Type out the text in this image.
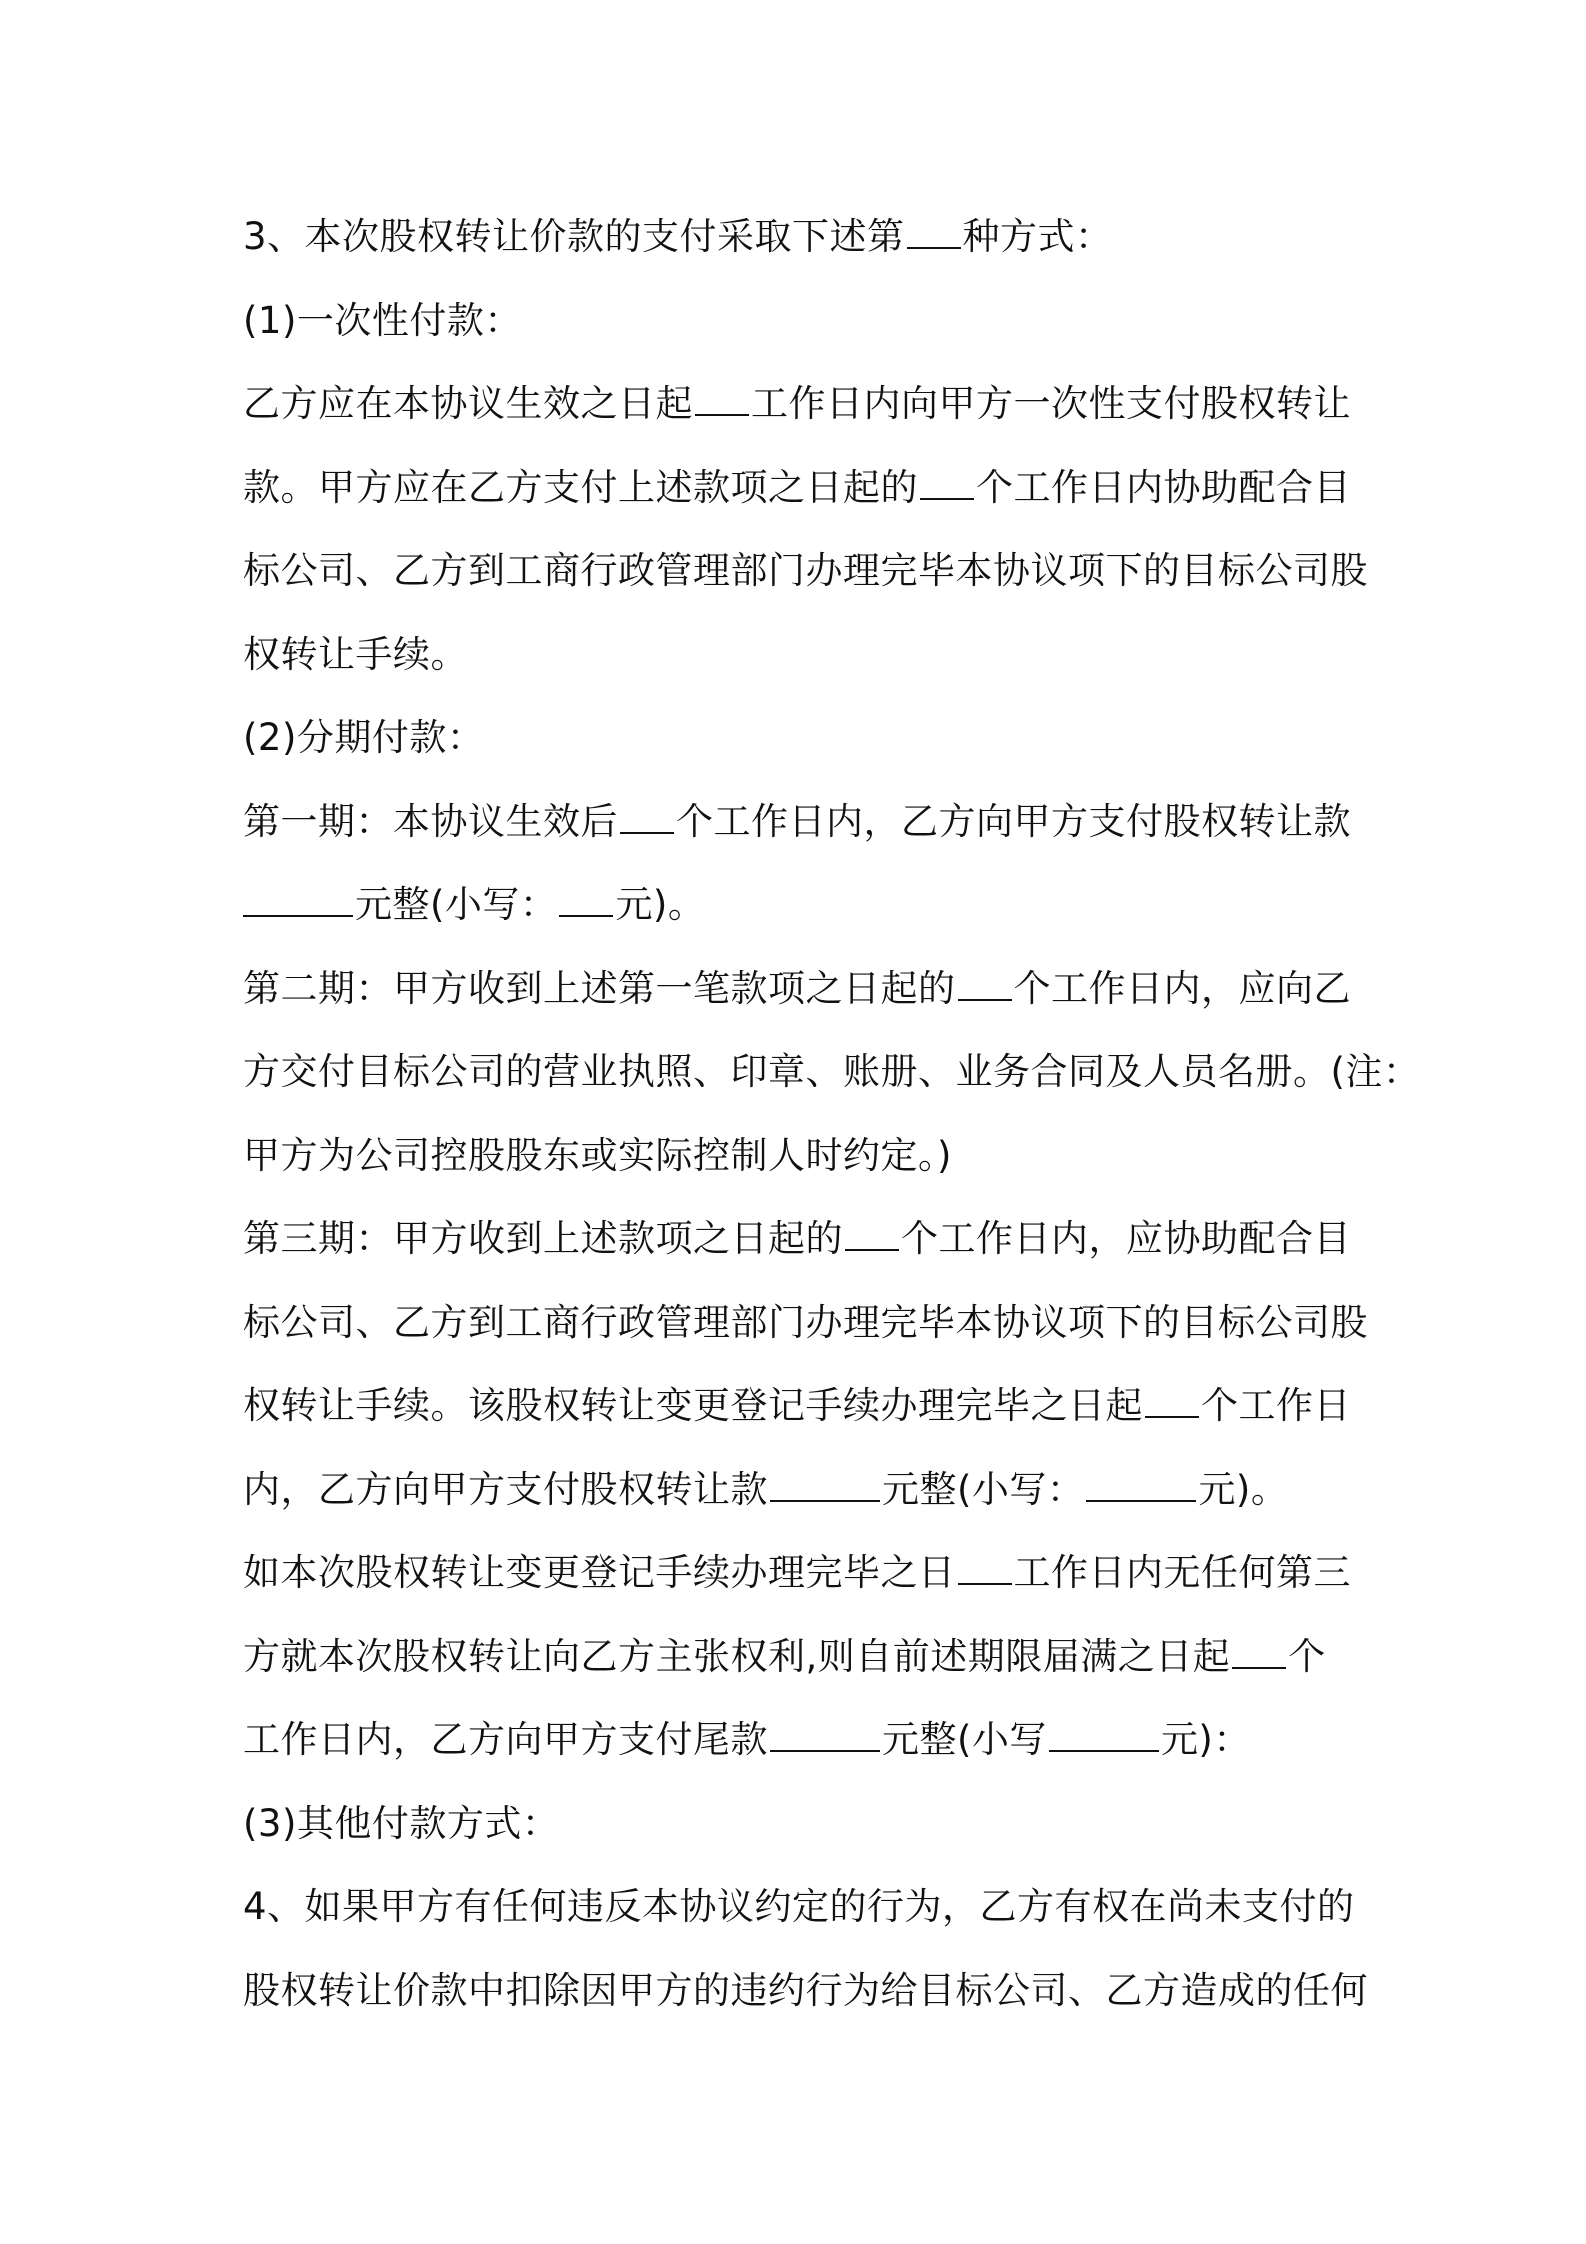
3、本次股权转让价款的支付采取下述第 种方式：
(1)一次性付款：
乙方应在本协议生效之日起 工作日内向甲方一次性支付股权转让
款。甲方应在乙方支付上述款项之日起的 个工作日内协助配合目
标公司、乙方到工商行政管理部门办理完毕本协议项下的目标公司股
权转让手续。
(2)分期付款：
第一期：本协议生效后 个工作日内，乙方向甲方支付股权转让款
元整(小写： 元)。
第二期：甲方收到上述第一笔款项之日起的 个工作日内，应向乙
方交付目标公司的营业执照、印章、账册、业务合同及人员名册。(注：
甲方为公司控股股东或实际控制人时约定。)
第三期：甲方收到上述款项之日起的 个工作日内，应协助配合目
标公司、乙方到工商行政管理部门办理完毕本协议项下的目标公司股
权转让手续。该股权转让变更登记手续办理完毕之日起 个工作日
内，乙方向甲方支付股权转让款	元整(小写：	元)。
如本次股权转让变更登记手续办理完毕之日 工作日内无任何第三
方就本次股权转让向乙方主张权利,则自前述期限届满之日起 个
工作日内，乙方向甲方支付尾款	元整(小写	元)：
(3)其他付款方式：
4、如果甲方有任何违反本协议约定的行为，乙方有权在尚未支付的
股权转让价款中扣除因甲方的违约行为给目标公司、乙方造成的任何
